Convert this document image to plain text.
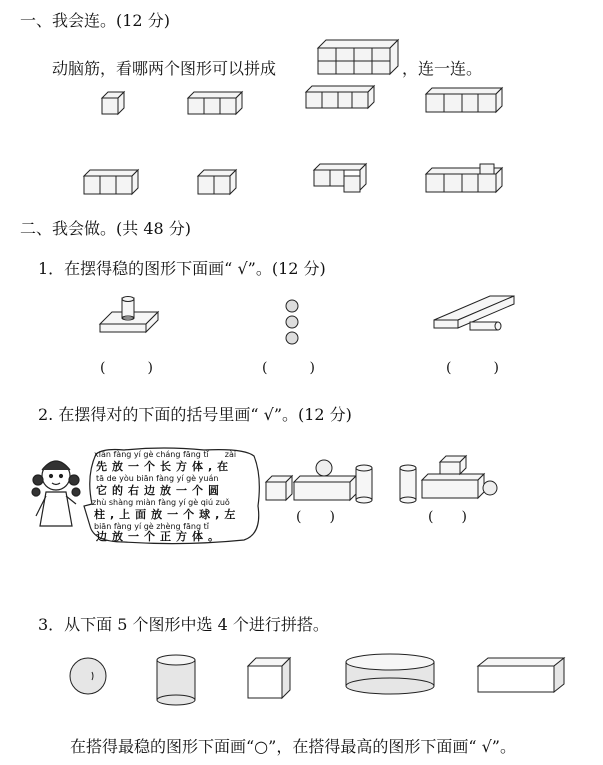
一、我会连。(12 分)
动脑筋，看哪两个图形可以拼成	，连一连。
二、我会做。(共 48 分)
1．在摆得稳的图形下面画“ √”。(12 分)
(　　　)	(　　　)	(　　　)
2. 在摆得对的下面的括号里画“ √”。(12 分)
xiān fàng yí gè cháng fāng tǐ　　zài
先放一个长方体,在
tā de yòu biān fàng yí gè yuán
它的右边放一个圆
zhù shàng miàn fàng yí gè qiú zuǒ
柱,上面放一个球,左
biān fàng yí gè zhèng fāng tǐ
边放一个正方体。
(　　)	(　　)
3．从下面 5 个图形中选 4 个进行拼搭。
在搭得最稳的图形下面画“○”，在搭得最高的图形下面画“ √”。
